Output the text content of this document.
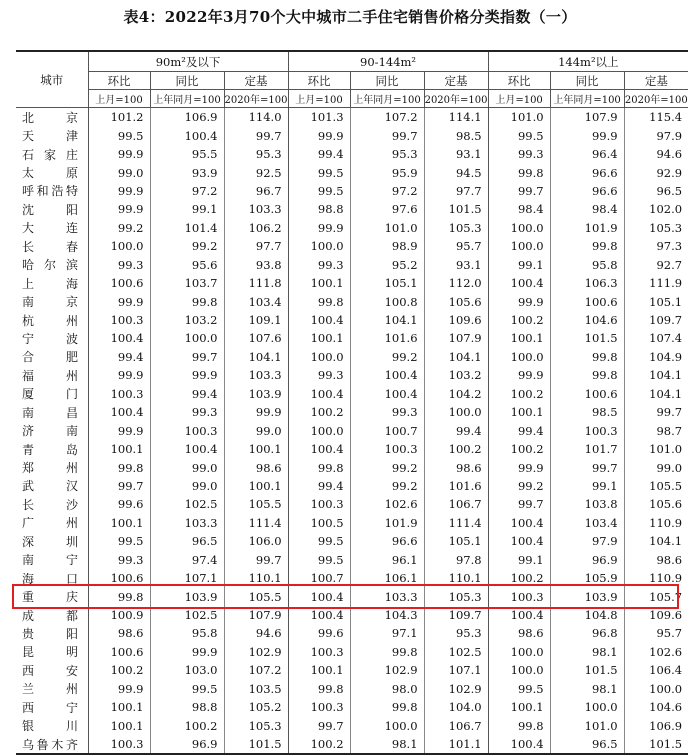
表4：2022年3月70个大中城市二手住宅销售价格分类指数（一）
城市	90m²及以下			90-144m²			144m²以上		
	环比	同比	定基	环比	同比	定基	环比	同比	定基
	上月=100	上年同月=100	2020年=100	上月=100	上年同月=100	2020年=100	上月=100	上年同月=100	2020年=100
北京	101.2	106.9	114.0	101.3	107.2	114.1	101.0	107.9	115.4
天津	99.5	100.4	99.7	99.9	99.7	98.5	99.5	99.9	97.9
石家庄	99.9	95.5	95.3	99.4	95.3	93.1	99.3	96.4	94.6
太原	99.0	93.9	92.5	99.5	95.9	94.5	99.8	96.6	92.9
呼和浩特	99.9	97.2	96.7	99.5	97.2	97.7	99.7	96.6	96.5
沈阳	99.9	99.1	103.3	98.8	97.6	101.5	98.4	98.4	102.0
大连	99.2	101.4	106.2	99.9	101.0	105.3	100.0	101.9	105.3
长春	100.0	99.2	97.7	100.0	98.9	95.7	100.0	99.8	97.3
哈尔滨	99.3	95.6	93.8	99.3	95.2	93.1	99.1	95.8	92.7
上海	100.6	103.7	111.8	100.1	105.1	112.0	100.4	106.3	111.9
南京	99.9	99.8	103.4	99.8	100.8	105.6	99.9	100.6	105.1
杭州	100.3	103.2	109.1	100.4	104.1	109.6	100.2	104.6	109.7
宁波	100.4	100.0	107.6	100.1	101.6	107.9	100.1	101.5	107.4
合肥	99.4	99.7	104.1	100.0	99.2	104.1	100.0	99.8	104.9
福州	99.9	99.9	103.3	99.3	100.4	103.2	99.9	99.8	104.1
厦门	100.3	99.4	103.9	100.4	100.4	104.2	100.2	100.6	104.1
南昌	100.4	99.3	99.9	100.2	99.3	100.0	100.1	98.5	99.7
济南	99.9	100.3	99.0	100.0	100.7	99.4	99.4	100.3	98.7
青岛	100.1	100.4	100.1	100.4	100.3	100.2	100.2	101.7	101.0
郑州	99.8	99.0	98.6	99.8	99.2	98.6	99.9	99.7	99.0
武汉	99.7	99.0	100.1	99.4	99.2	101.6	99.2	99.1	105.5
长沙	99.6	102.5	105.5	100.3	102.6	106.7	99.7	103.8	105.6
广州	100.1	103.3	111.4	100.5	101.9	111.4	100.4	103.4	110.9
深圳	99.5	96.5	106.0	99.5	96.6	105.1	100.4	97.9	104.1
南宁	99.3	97.4	99.7	99.5	96.1	97.8	99.1	96.9	98.6
海口	100.6	107.1	110.1	100.7	106.1	110.1	100.2	105.9	110.9
重庆	99.8	103.9	105.5	100.4	103.3	105.3	100.3	103.9	105.7
成都	100.9	102.5	107.9	100.4	104.3	109.7	100.4	104.8	109.6
贵阳	98.6	95.8	94.6	99.6	97.1	95.3	98.6	96.8	95.7
昆明	100.6	99.9	102.9	100.3	99.8	102.5	100.0	98.1	102.6
西安	100.2	103.0	107.2	100.1	102.9	107.1	100.0	101.5	106.4
兰州	99.9	99.5	103.5	99.8	98.0	102.9	99.5	98.1	100.0
西宁	100.1	98.8	105.2	100.3	99.8	104.0	100.1	100.0	104.6
银川	100.1	100.2	105.3	99.7	100.0	106.7	99.8	101.0	106.9
乌鲁木齐	100.3	96.9	101.5	100.2	98.1	101.1	100.4	96.5	101.5
